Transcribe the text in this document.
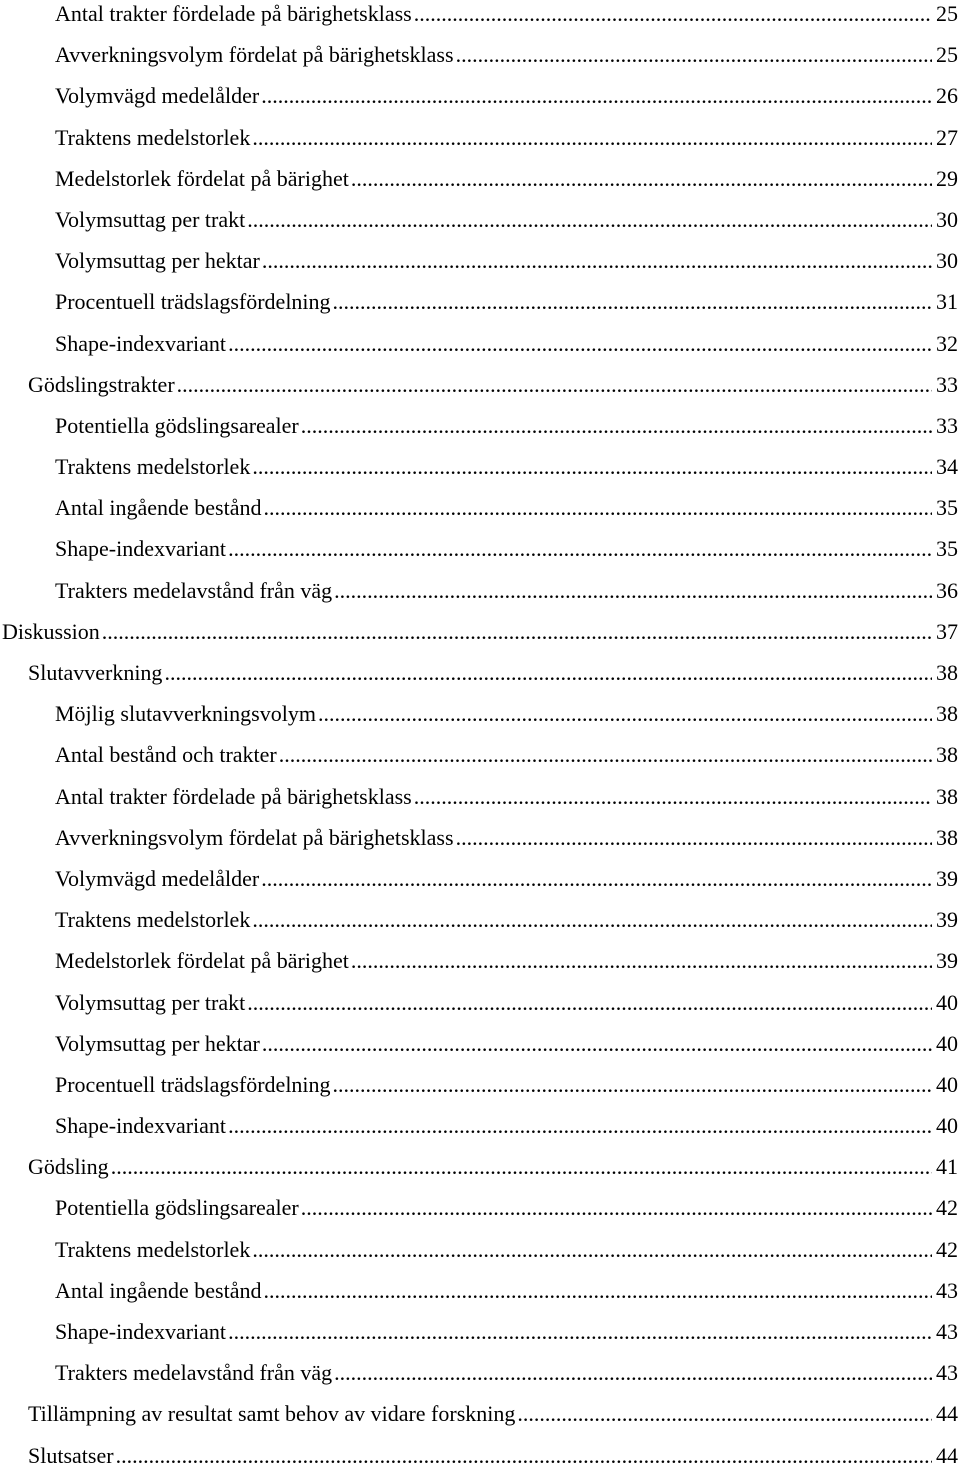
Antal trakter fördelade på bärighetsklass .....	25
Avverkningsvolym fördelat på bärighetsklass .....	25
Volymvägd medelålder .....	26
Traktens medelstorlek .....	27
Medelstorlek fördelat på bärighet .....	29
Volymsuttag per trakt .....	30
Volymsuttag per hektar .....	30
Procentuell trädslagsfördelning .....	31
Shape-indexvariant .....	32
Gödslingstrakter .....	33
Potentiella gödslingsarealer .....	33
Traktens medelstorlek .....	34
Antal ingående bestånd .....	35
Shape-indexvariant .....	35
Trakters medelavstånd från väg .....	36
Diskussion .....	37
Slutavverkning .....	38
Möjlig slutavverkningsvolym .....	38
Antal bestånd och trakter .....	38
Antal trakter fördelade på bärighetsklass .....	38
Avverkningsvolym fördelat på bärighetsklass .....	38
Volymvägd medelålder .....	39
Traktens medelstorlek .....	39
Medelstorlek fördelat på bärighet .....	39
Volymsuttag per trakt .....	40
Volymsuttag per hektar .....	40
Procentuell trädslagsfördelning .....	40
Shape-indexvariant .....	40
Gödsling .....	41
Potentiella gödslingsarealer .....	42
Traktens medelstorlek .....	42
Antal ingående bestånd .....	43
Shape-indexvariant .....	43
Trakters medelavstånd från väg .....	43
Tillämpning av resultat samt behov av vidare forskning .....	44
Slutsatser .....	44
